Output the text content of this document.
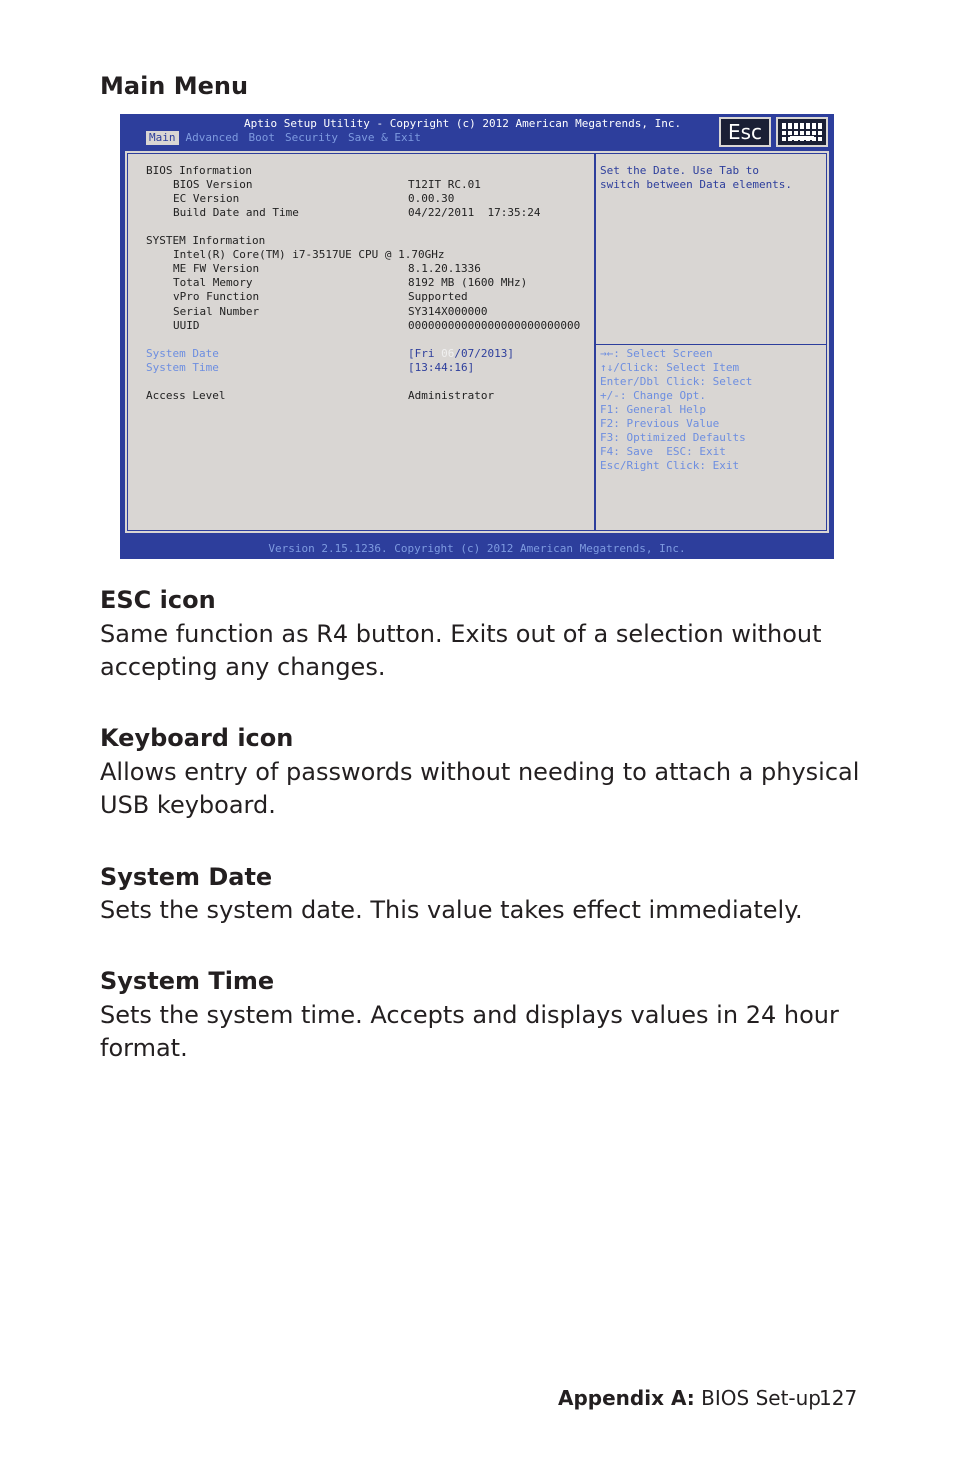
Main Menu
Aptio Setup Utility - Copyright (c) 2012 American Megatrends, Inc.
Main Advanced Boot Security Save & Exit	Esc
BIOS Information
BIOS Version	T12IT RC.01
EC Version	0.00.30
Build Date and Time	04/22/2011  17:35:24
SYSTEM Information
Intel(R) Core(TM) i7-3517UE CPU @ 1.70GHz
ME FW Version	8.1.20.1336
Total Memory	8192 MB (1600 MHz)
vPro Function	Supported
Serial Number	SY314X000000
UUID	00000000000000000000000000
System Date	[Fri 06/07/2013]
System Time	[13:44:16]
Access Level	Administrator
Set the Date. Use Tab to
switch between Data elements.
→←: Select Screen
↑↓/Click: Select Item
Enter/Dbl Click: Select
+/-: Change Opt.
F1: General Help
F2: Previous Value
F3: Optimized Defaults
F4: Save  ESC: Exit
Esc/Right Click: Exit
Version 2.15.1236. Copyright (c) 2012 American Megatrends, Inc.
ESC icon

Same function as R4 button. Exits out of a selection without
accepting any changes.

Keyboard icon

Allows entry of passwords without needing to attach a physical
USB keyboard.

System Date

Sets the system date. This value takes effect immediately.

System Time

Sets the system time. Accepts and displays values in 24 hour
format.

Appendix A: BIOS Set-up
127
